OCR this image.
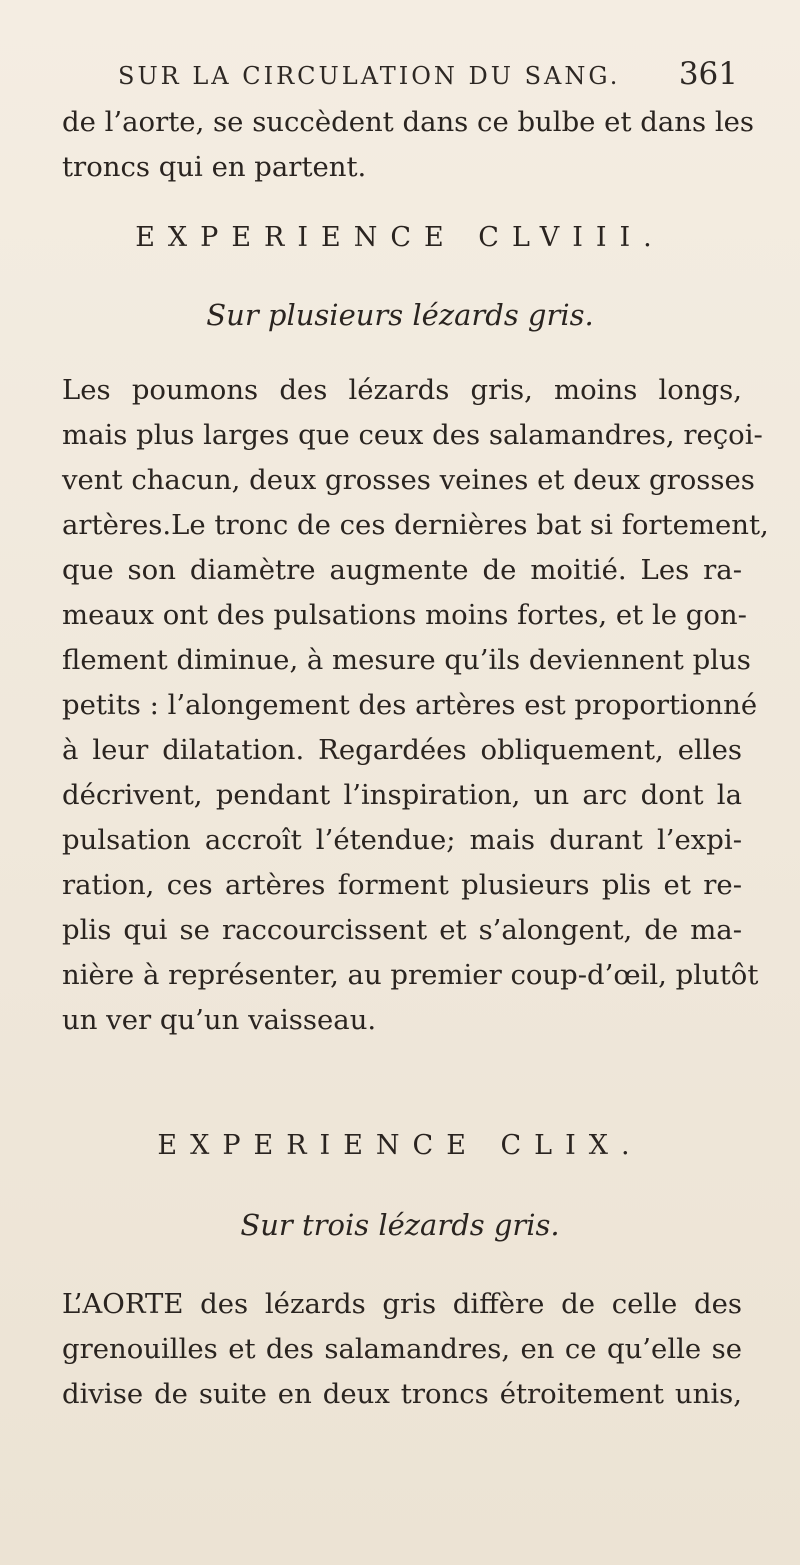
SUR LA CIRCULATION DU SANG. 361
de l’aorte, se succèdent dans ce bulbe et dans les
troncs qui en partent.
EXPERIENCE CLVIII.
Sur plusieurs lézards gris.
Les poumons des lézards gris, moins longs,
mais plus larges que ceux des salamandres, reçoi-
vent chacun, deux grosses veines et deux grosses
artères.Le tronc de ces dernières bat si fortement,
que son diamètre augmente de moitié. Les ra-
meaux ont des pulsations moins fortes, et le gon-
flement diminue, à mesure qu’ils deviennent plus
petits : l’alongement des artères est proportionné
à leur dilatation. Regardées obliquement, elles
décrivent, pendant l’inspiration, un arc dont la
pulsation accroît l’étendue; mais durant l’expi-
ration, ces artères forment plusieurs plis et re-
plis qui se raccourcissent et s’alongent, de ma-
nière à représenter, au premier coup-d’œil, plutôt
un ver qu’un vaisseau.
EXPERIENCE CLIX.
Sur trois lézards gris.
L’AORTE des lézards gris diffère de celle des
grenouilles et des salamandres, en ce qu’elle se
divise de suite en deux troncs étroitement unis,
